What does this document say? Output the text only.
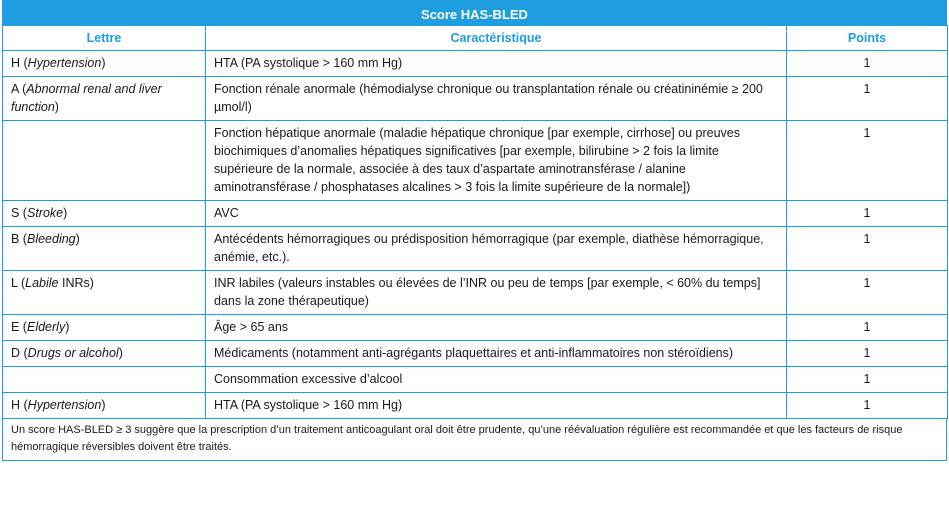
Score HAS-BLED
Lettre	Caractéristique	Points
H (Hypertension)	HTA (PA systolique > 160 mm Hg)	1
A (Abnormal renal and liver function)	Fonction rénale anormale (hémodialyse chronique ou transplantation rénale ou créatininémie ≥ 200 µmol/l)	1
	Fonction hépatique anormale (maladie hépatique chronique [par exemple, cirrhose] ou preuves biochimiques d’anomalies hépatiques significatives [par exemple, bilirubine > 2 fois la limite supérieure de la normale, associée à des taux d’aspartate aminotransférase / alanine aminotransférase / phosphatases alcalines > 3 fois la limite supérieure de la normale])	1
S (Stroke)	AVC	1
B (Bleeding)	Antécédents hémorragiques ou prédisposition hémorragique (par exemple, diathèse hémorragique, anémie, etc.).	1
L (Labile INRs)	INR labiles (valeurs instables ou élevées de l’INR ou peu de temps [par exemple, < 60% du temps] dans la zone thérapeutique)	1
E (Elderly)	Âge > 65 ans	1
D (Drugs or alcohol)	Médicaments (notamment anti-agrégants plaquettaires et anti-inflammatoires non stéroïdiens)	1
	Consommation excessive d’alcool	1
H (Hypertension)	HTA (PA systolique > 160 mm Hg)	1
Un score HAS-BLED ≥ 3 suggère que la prescription d’un traitement anticoagulant oral doit être prudente, qu’une réévaluation régulière est recommandée et que les facteurs de risque hémorragique réversibles doivent être traités.
